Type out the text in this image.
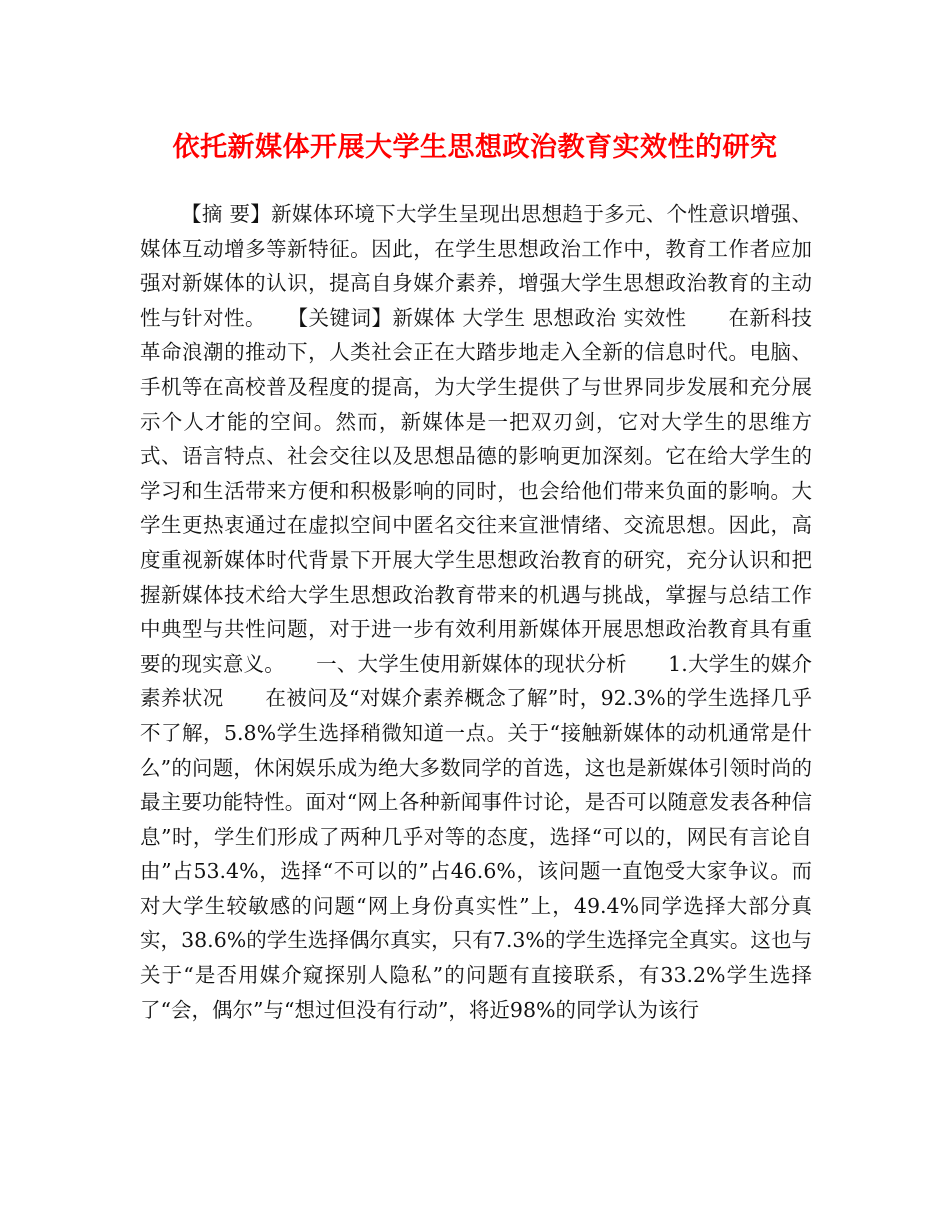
依托新媒体开展大学生思想政治教育实效性的研究

【摘 要】新媒体环境下大学生呈现出思想趋于多元、个性意识增强、媒体互动增多等新特征。因此，在学生思想政治工作中，教育工作者应加强对新媒体的认识，提高自身媒介素养，增强大学生思想政治教育的主动性与针对性。　　【关键词】新媒体 大学生 思想政治 实效性　　在新科技革命浪潮的推动下，人类社会正在大踏步地走入全新的信息时代。电脑、手机等在高校普及程度的提高，为大学生提供了与世界同步发展和充分展示个人才能的空间。然而，新媒体是一把双刃剑，它对大学生的思维方式、语言特点、社会交往以及思想品德的影响更加深刻。它在给大学生的学习和生活带来方便和积极影响的同时，也会给他们带来负面的影响。大学生更热衷通过在虚拟空间中匿名交往来宣泄情绪、交流思想。因此，高度重视新媒体时代背景下开展大学生思想政治教育的研究，充分认识和把握新媒体技术给大学生思想政治教育带来的机遇与挑战，掌握与总结工作中典型与共性问题，对于进一步有效利用新媒体开展思想政治教育具有重要的现实意义。　　一、大学生使用新媒体的现状分析　　1.大学生的媒介素养状况　　在被问及“对媒介素养概念了解”时，92.3%的学生选择几乎不了解，5.8%学生选择稍微知道一点。关于“接触新媒体的动机通常是什么”的问题，休闲娱乐成为绝大多数同学的首选，这也是新媒体引领时尚的最主要功能特性。面对“网上各种新闻事件讨论，是否可以随意发表各种信息”时，学生们形成了两种几乎对等的态度，选择“可以的，网民有言论自由”占53.4%，选择“不可以的”占46.6%，该问题一直饱受大家争议。而对大学生较敏感的问题“网上身份真实性”上，49.4%同学选择大部分真实，38.6%的学生选择偶尔真实，只有7.3%的学生选择完全真实。这也与关于“是否用媒介窥探别人隐私”的问题有直接联系，有33.2%学生选择了“会，偶尔”与“想过但没有行动”，将近98%的同学认为该行
